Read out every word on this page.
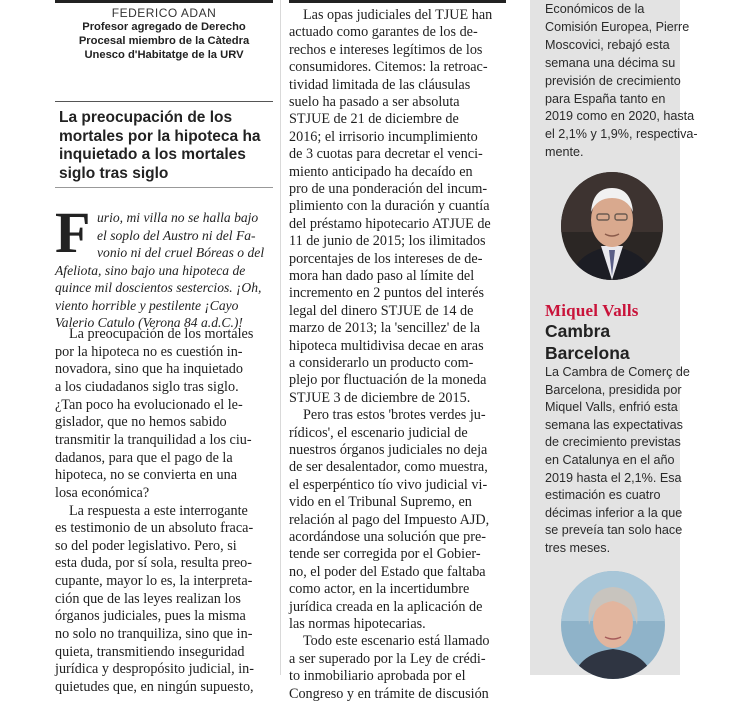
FEDERICO ADAN
Profesor agregado de Derecho
Procesal miembro de la Càtedra
Unesco d'Habitatge de la URV
La preocupación de los
mortales por la hipoteca ha
inquietado a los mortales
siglo tras siglo
F urio, mi villa no se halla bajo
el soplo del Austro ni del Fa-
vonio ni del cruel Bóreas o del
Afeliota, sino bajo una hipoteca de
quince mil doscientos sestercios. ¡Oh,
viento horrible y pestilente ¡Cayo
Valerio Catulo (Verona 84 a.d.C.)!
La preocupación de los mortales
por la hipoteca no es cuestión in-
novadora, sino que ha inquietado
a los ciudadanos siglo tras siglo.
¿Tan poco ha evolucionado el le-
gislador, que no hemos sabido
transmitir la tranquilidad a los ciu-
dadanos, para que el pago de la
hipoteca, no se convierta en una
losa económica?
La respuesta a este interrogante
es testimonio de un absoluto fraca-
so del poder legislativo. Pero, si
esta duda, por sí sola, resulta preo-
cupante, mayor lo es, la interpreta-
ción que de las leyes realizan los
órganos judiciales, pues la misma
no solo no tranquiliza, sino que in-
quieta, transmitiendo inseguridad
jurídica y despropósito judicial, in-
quietudes que, en ningún supuesto,
Las opas judiciales del TJUE han
actuado como garantes de los de-
rechos e intereses legítimos de los
consumidores. Citemos: la retroac-
tividad limitada de las cláusulas
suelo ha pasado a ser absoluta
STJUE de 21 de diciembre de
2016; el irrisorio incumplimiento
de 3 cuotas para decretar el venci-
miento anticipado ha decaído en
pro de una ponderación del incum-
plimiento con la duración y cuantía
del préstamo hipotecario ATJUE de
11 de junio de 2015; los ilimitados
porcentajes de los intereses de de-
mora han dado paso al límite del
incremento en 2 puntos del interés
legal del dinero STJUE de 14 de
marzo de 2013; la 'sencillez' de la
hipoteca multidivisa decae en aras
a considerarlo un producto com-
plejo por fluctuación de la moneda
STJUE 3 de diciembre de 2015.
Pero tras estos 'brotes verdes ju-
rídicos', el escenario judicial de
nuestros órganos judiciales no deja
de ser desalentador, como muestra,
el esperpéntico tío vivo judicial vi-
vido en el Tribunal Supremo, en
relación al pago del Impuesto AJD,
acordándose una solución que pre-
tende ser corregida por el Gobier-
no, el poder del Estado que faltaba
como actor, en la incertidumbre
jurídica creada en la aplicación de
las normas hipotecarias.
Todo este escenario está llamado
a ser superado por la Ley de crédi-
to inmobiliario aprobada por el
Congreso y en trámite de discusión
Económicos de la
Comisión Europea, Pierre
Moscovici, rebajó esta
semana una décima su
previsión de crecimiento
para España tanto en
2019 como en 2020, hasta
el 2,1% y 1,9%, respectiva-
mente.
Miquel Valls
Cambra
Barcelona
La Cambra de Comerç de
Barcelona, presidida por
Miquel Valls, enfrió esta
semana las expectativas
de crecimiento previstas
en Catalunya en el año
2019 hasta el 2,1%. Esa
estimación es cuatro
décimas inferior a la que
se preveía tan solo hace
tres meses.
